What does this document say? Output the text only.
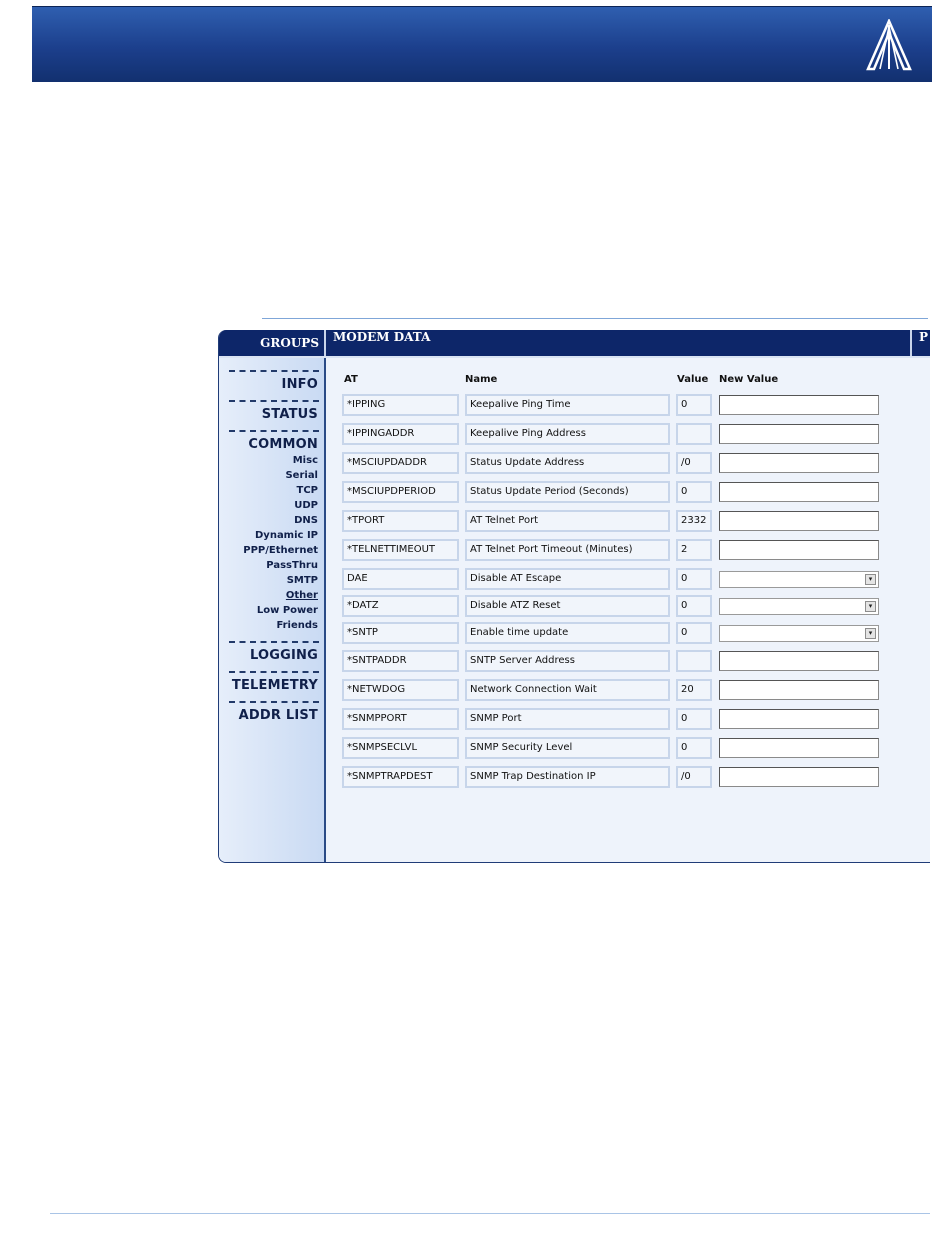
GROUPS	MODEM DATA	P
INFO
STATUS
COMMON
Misc
Serial
TCP
UDP
DNS
Dynamic IP
PPP/Ethernet
PassThru
SMTP
Other
Low Power
Friends
LOGGING
TELEMETRY
ADDR LIST
AT	Name	Value New Value
*IPPING	Keepalive Ping Time	0
*IPPINGADDR	Keepalive Ping Address
*MSCIUPDADDR	Status Update Address	/0
*MSCIUPDPERIOD	Status Update Period (Seconds)	0
*TPORT	AT Telnet Port	2332
*TELNETTIMEOUT	AT Telnet Port Timeout (Minutes)	2
DAE	Disable AT Escape	0	▾
*DATZ	Disable ATZ Reset	0	▾
*SNTP	Enable time update	0	▾
*SNTPADDR	SNTP Server Address
*NETWDOG	Network Connection Wait	20
*SNMPPORT	SNMP Port	0
*SNMPSECLVL	SNMP Security Level	0
*SNMPTRAPDEST	SNMP Trap Destination IP	/0
